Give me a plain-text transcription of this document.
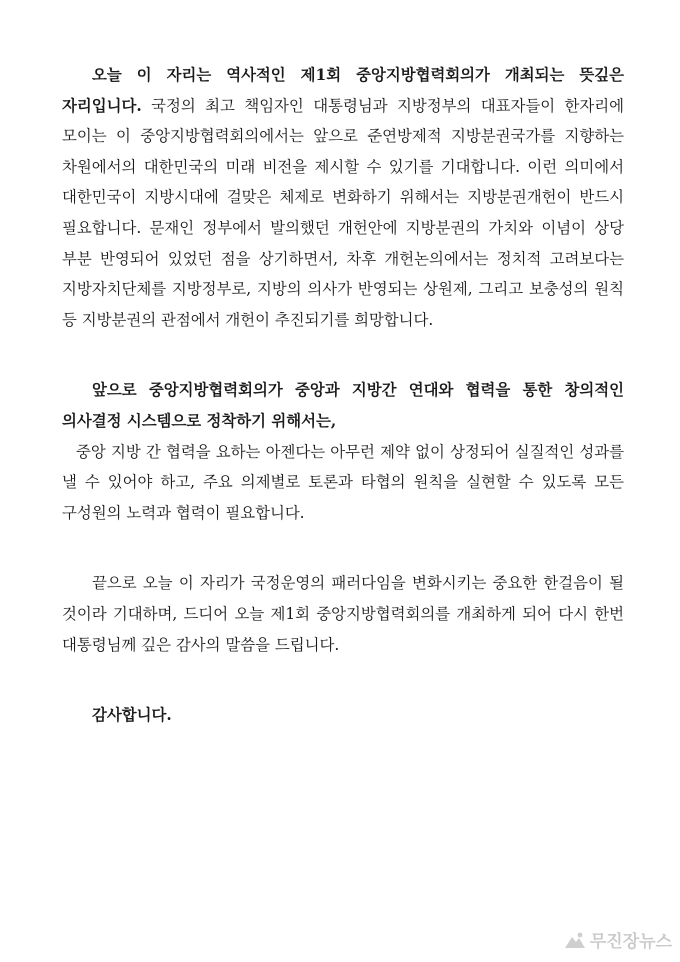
오늘 이 자리는 역사적인 제1회 중앙지방협력회의가 개최되는 뜻깊은 자리입니다. 국정의 최고 책임자인 대통령님과 지방정부의 대표자들이 한자리에 모이는 이 중앙지방협력회의에서는 앞으로 준연방제적 지방분권국가를 지향하는 차원에서의 대한민국의 미래 비전을 제시할 수 있기를 기대합니다. 이런 의미에서 대한민국이 지방시대에 걸맞은 체제로 변화하기 위해서는 지방분권개헌이 반드시 필요합니다. 문재인 정부에서 발의했던 개헌안에 지방분권의 가치와 이념이 상당 부분 반영되어 있었던 점을 상기하면서, 차후 개헌논의에서는 정치적 고려보다는 지방자치단체를 지방정부로, 지방의 의사가 반영되는 상원제, 그리고 보충성의 원칙 등 지방분권의 관점에서 개헌이 추진되기를 희망합니다.

앞으로 중앙지방협력회의가 중앙과 지방간 연대와 협력을 통한 창의적인 의사결정 시스템으로 정착하기 위해서는,

중앙 지방 간 협력을 요하는 아젠다는 아무런 제약 없이 상정되어 실질적인 성과를 낼 수 있어야 하고, 주요 의제별로 토론과 타협의 원칙을 실현할 수 있도록 모든 구성원의 노력과 협력이 필요합니다.

끝으로 오늘 이 자리가 국정운영의 패러다임을 변화시키는 중요한 한걸음이 될 것이라 기대하며, 드디어 오늘 제1회 중앙지방협력회의를 개최하게 되어 다시 한번 대통령님께 깊은 감사의 말씀을 드립니다.

감사합니다.

무진장뉴스
